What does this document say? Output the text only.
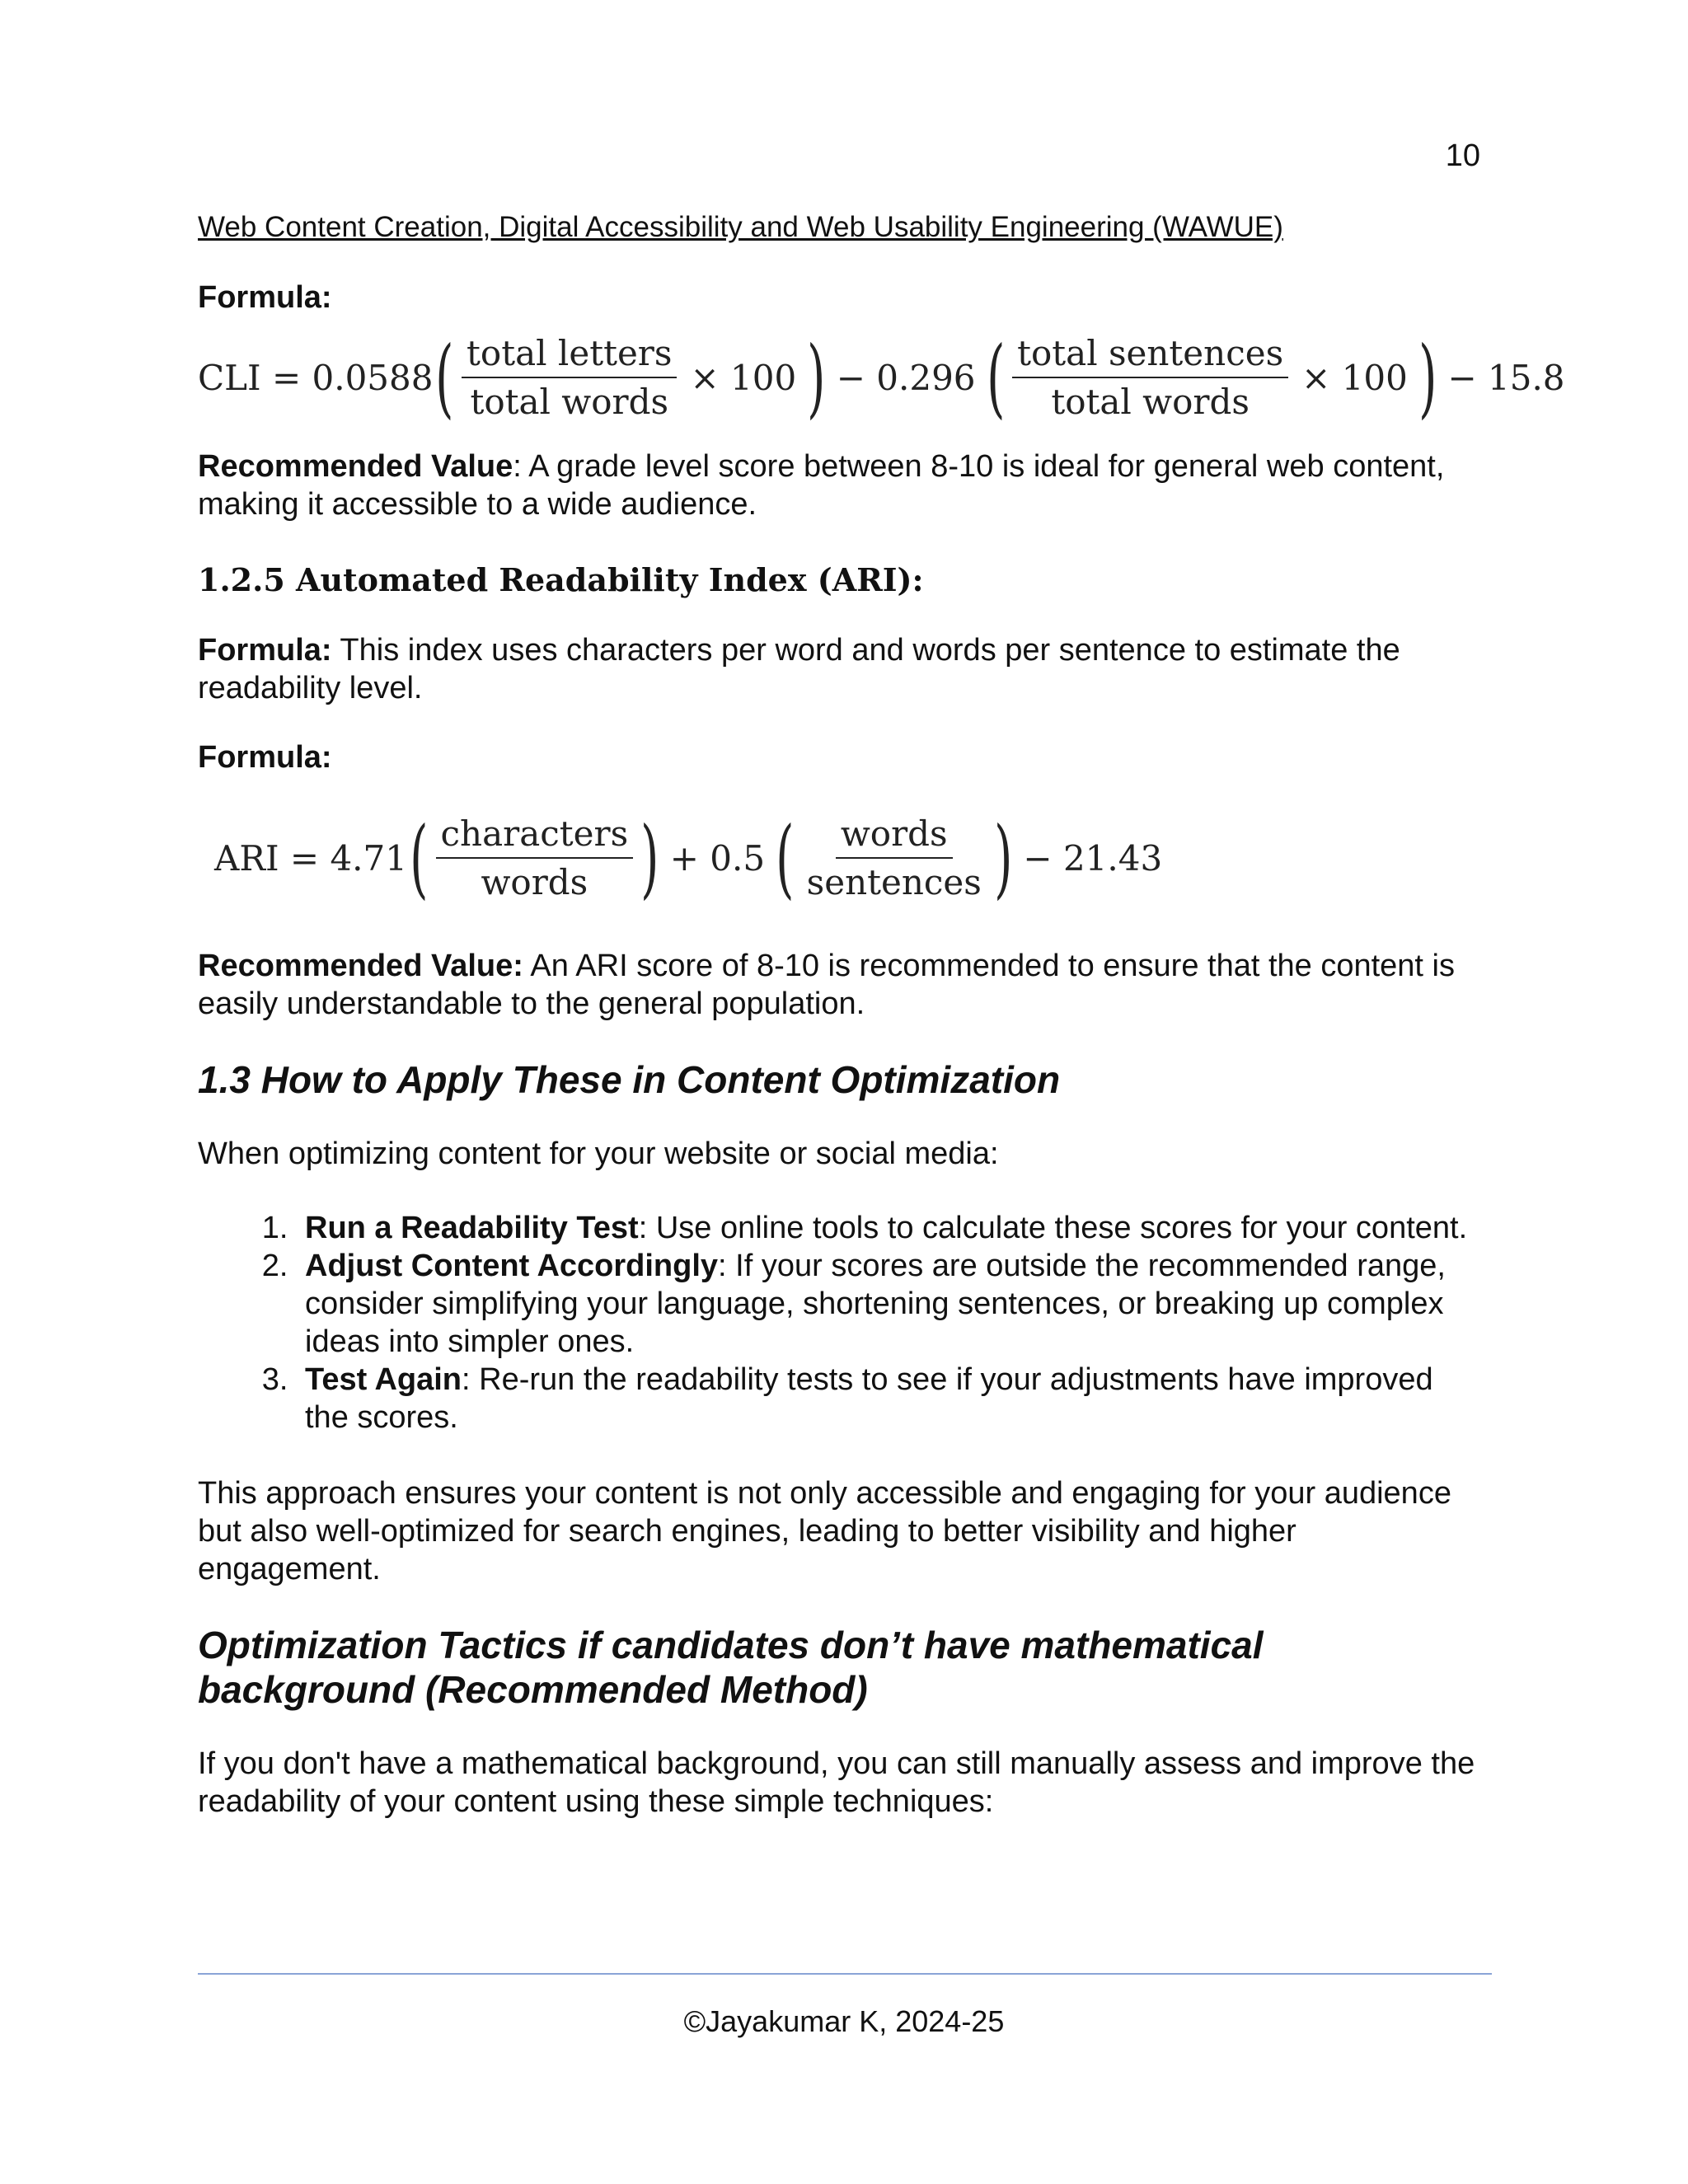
10
Web Content Creation, Digital Accessibility and Web Usability Engineering (WAWUE)
Formula:
CLI = 0.0588 ( $\frac{\text{total letters}}{\text{total words}} \times 100$ ) − 0.296 ( $\frac{\text{total sentences}}{\text{total words}} \times 100$ ) − 15.8

Recommended Value: A grade level score between 8-10 is ideal for general web content, making it accessible to a wide audience.

1.2.5 Automated Readability Index (ARI):

Formula: This index uses characters per word and words per sentence to estimate the readability level.

Formula:
ARI = 4.71 ( $\frac{\text{characters}}{\text{words}}$ ) + 0.5 ( $\frac{\text{words}}{\text{sentences}}$ ) − 21.43

Recommended Value: An ARI score of 8-10 is recommended to ensure that the content is easily understandable to the general population.

1.3 How to Apply These in Content Optimization

When optimizing content for your website or social media:

1. Run a Readability Test: Use online tools to calculate these scores for your content.
2. Adjust Content Accordingly: If your scores are outside the recommended range, consider simplifying your language, shortening sentences, or breaking up complex ideas into simpler ones.
3. Test Again: Re-run the readability tests to see if your adjustments have improved the scores.

This approach ensures your content is not only accessible and engaging for your audience but also well-optimized for search engines, leading to better visibility and higher engagement.

Optimization Tactics if candidates don’t have mathematical background (Recommended Method)

If you don't have a mathematical background, you can still manually assess and improve the readability of your content using these simple techniques:

©Jayakumar K, 2024-25
